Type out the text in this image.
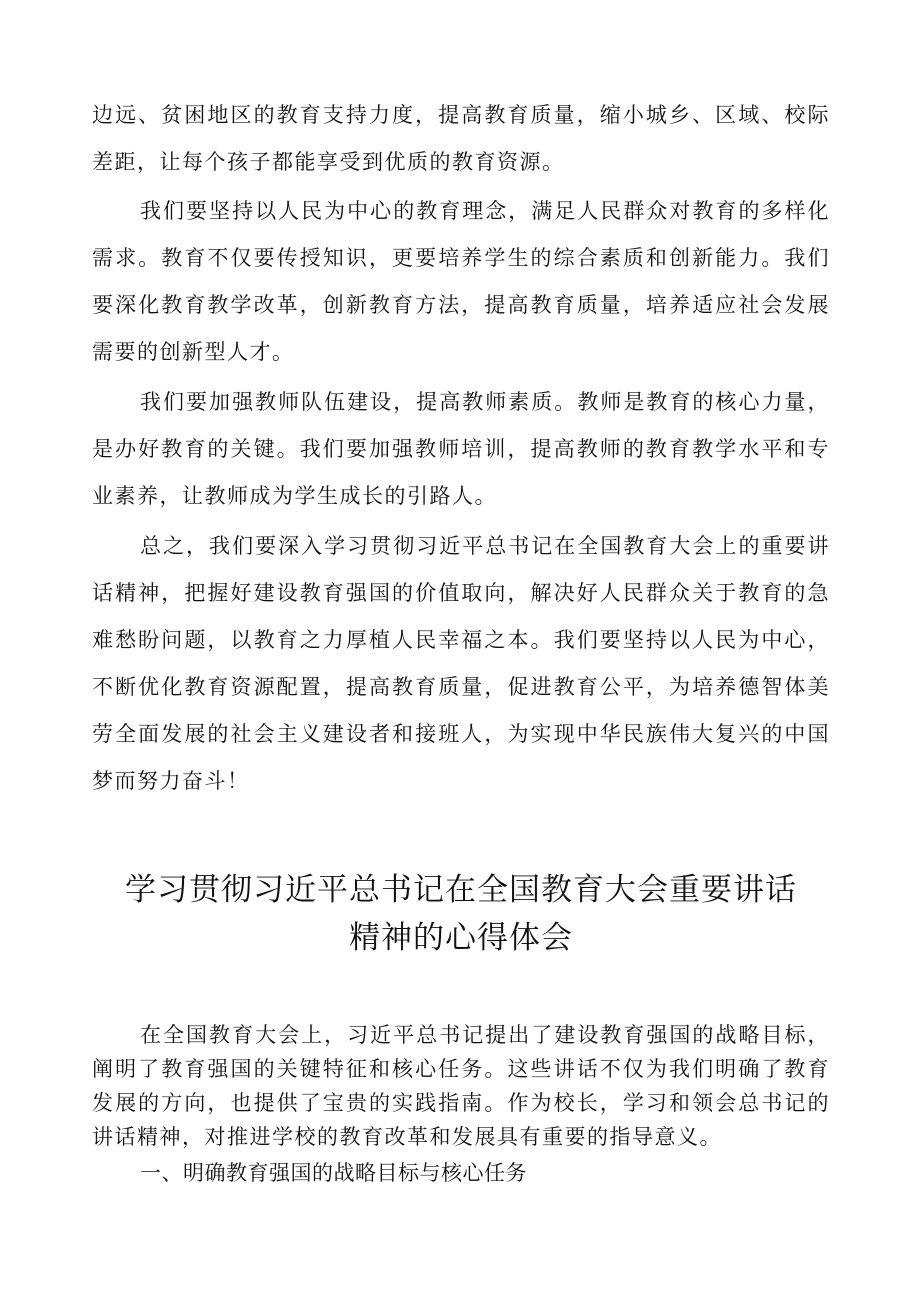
边远、贫困地区的教育支持力度，提高教育质量，缩小城乡、区域、校际差距，让每个孩子都能享受到优质的教育资源。

我们要坚持以人民为中心的教育理念，满足人民群众对教育的多样化需求。教育不仅要传授知识，更要培养学生的综合素质和创新能力。我们要深化教育教学改革，创新教育方法，提高教育质量，培养适应社会发展需要的创新型人才。

我们要加强教师队伍建设，提高教师素质。教师是教育的核心力量，是办好教育的关键。我们要加强教师培训，提高教师的教育教学水平和专业素养，让教师成为学生成长的引路人。

总之，我们要深入学习贯彻习近平总书记在全国教育大会上的重要讲话精神，把握好建设教育强国的价值取向，解决好人民群众关于教育的急难愁盼问题，以教育之力厚植人民幸福之本。我们要坚持以人民为中心，不断优化教育资源配置，提高教育质量，促进教育公平，为培养德智体美劳全面发展的社会主义建设者和接班人，为实现中华民族伟大复兴的中国梦而努力奋斗！

学习贯彻习近平总书记在全国教育大会重要讲话
精神的心得体会

在全国教育大会上，习近平总书记提出了建设教育强国的战略目标，阐明了教育强国的关键特征和核心任务。这些讲话不仅为我们明确了教育发展的方向，也提供了宝贵的实践指南。作为校长，学习和领会总书记的讲话精神，对推进学校的教育改革和发展具有重要的指导意义。

一、明确教育强国的战略目标与核心任务
